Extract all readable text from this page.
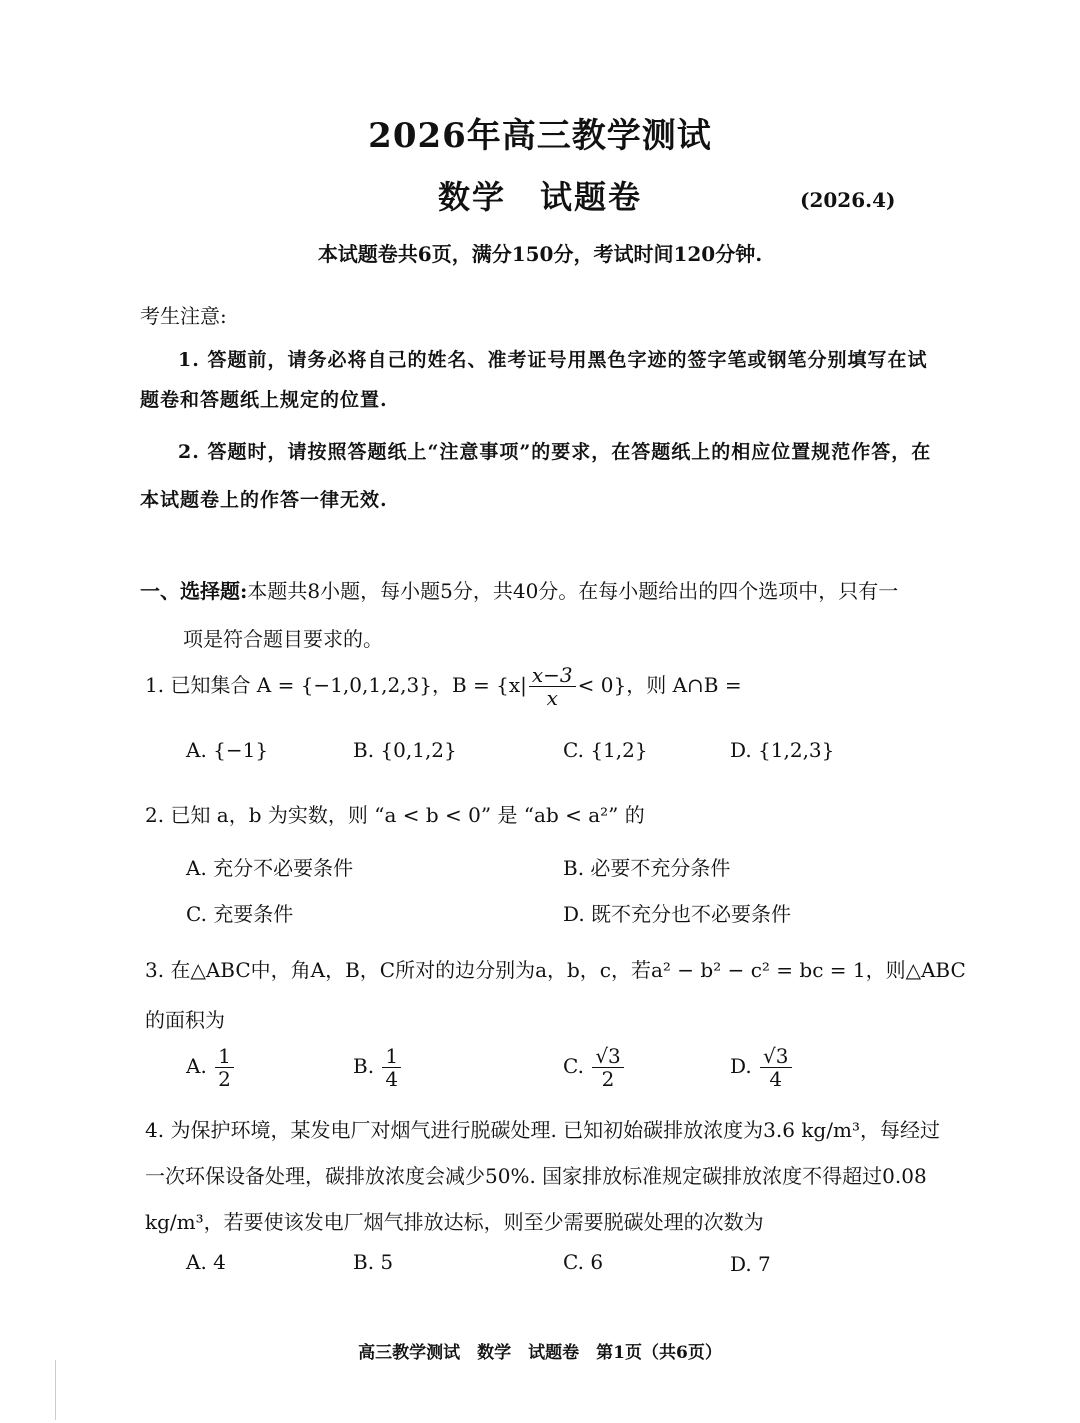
2026年高三教学测试
数学　试题卷	(2026.4)
本试题卷共6页，满分150分，考试时间120分钟.
考生注意:
1. 答题前，请务必将自己的姓名、准考证号用黑色字迹的签字笔或钢笔分别填写在试
题卷和答题纸上规定的位置.
2. 答题时，请按照答题纸上“注意事项”的要求，在答题纸上的相应位置规范作答，在
本试题卷上的作答一律无效.
一、选择题:本题共8小题，每小题5分，共40分。在每小题给出的四个选项中，只有一
项是符合题目要求的。
1. 已知集合 A = {−1,0,1,2,3}，$B = \{x| \frac{x-3}{x} < 0\}$，则 A∩B =
A. {−1}	B. {0,1,2}	C. {1,2}	D. {1,2,3}
2. 已知 a，b 为实数，则 “a < b < 0” 是 “ab < a²” 的
A. 充分不必要条件	B. 必要不充分条件
C. 充要条件	D. 既不充分也不必要条件
3. 在△ABC中，角A，B，C所对的边分别为a，b，c，若a² − b² − c² = bc = 1，则△ABC
的面积为
A. $\frac{1}{2}$	B. $\frac{1}{4}$	C. $\frac{√3}{2}$	D. $\frac{√3}{4}$
4. 为保护环境，某发电厂对烟气进行脱碳处理. 已知初始碳排放浓度为3.6 kg/m³，每经过
一次环保设备处理，碳排放浓度会减少50%. 国家排放标准规定碳排放浓度不得超过0.08
kg/m³，若要使该发电厂烟气排放达标，则至少需要脱碳处理的次数为
A. 4	B. 5	C. 6	D. 7
高三教学测试　数学　试题卷　第1页（共6页）
